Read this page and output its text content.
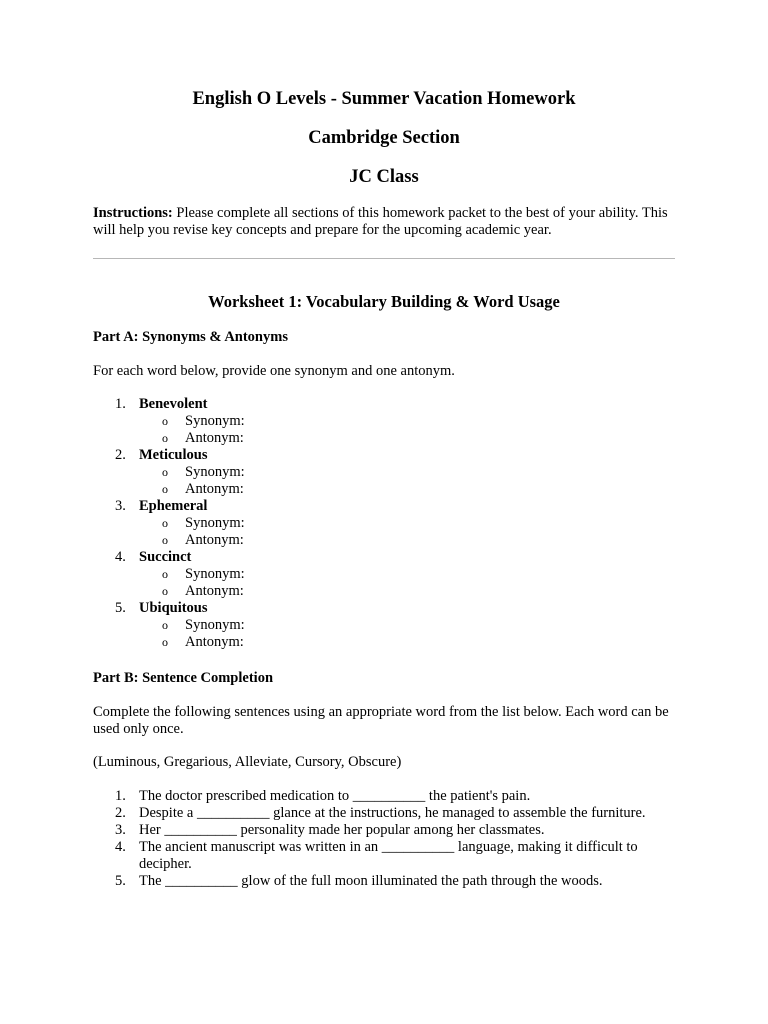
English O Levels - Summer Vacation Homework
Cambridge Section
JC Class

Instructions: Please complete all sections of this homework packet to the best of your ability. This will help you revise key concepts and prepare for the upcoming academic year.

Worksheet 1: Vocabulary Building & Word Usage

Part A: Synonyms & Antonyms

For each word below, provide one synonym and one antonym.

1. Benevolent
o Synonym:
o Antonym:
2. Meticulous
o Synonym:
o Antonym:
3. Ephemeral
o Synonym:
o Antonym:
4. Succinct
o Synonym:
o Antonym:
5. Ubiquitous
o Synonym:
o Antonym:

Part B: Sentence Completion

Complete the following sentences using an appropriate word from the list below. Each word can be used only once.

(Luminous, Gregarious, Alleviate, Cursory, Obscure)

1. The doctor prescribed medication to __________ the patient's pain.
2. Despite a __________ glance at the instructions, he managed to assemble the furniture.
3. Her __________ personality made her popular among her classmates.
4. The ancient manuscript was written in an __________ language, making it difficult to decipher.
5. The __________ glow of the full moon illuminated the path through the woods.
